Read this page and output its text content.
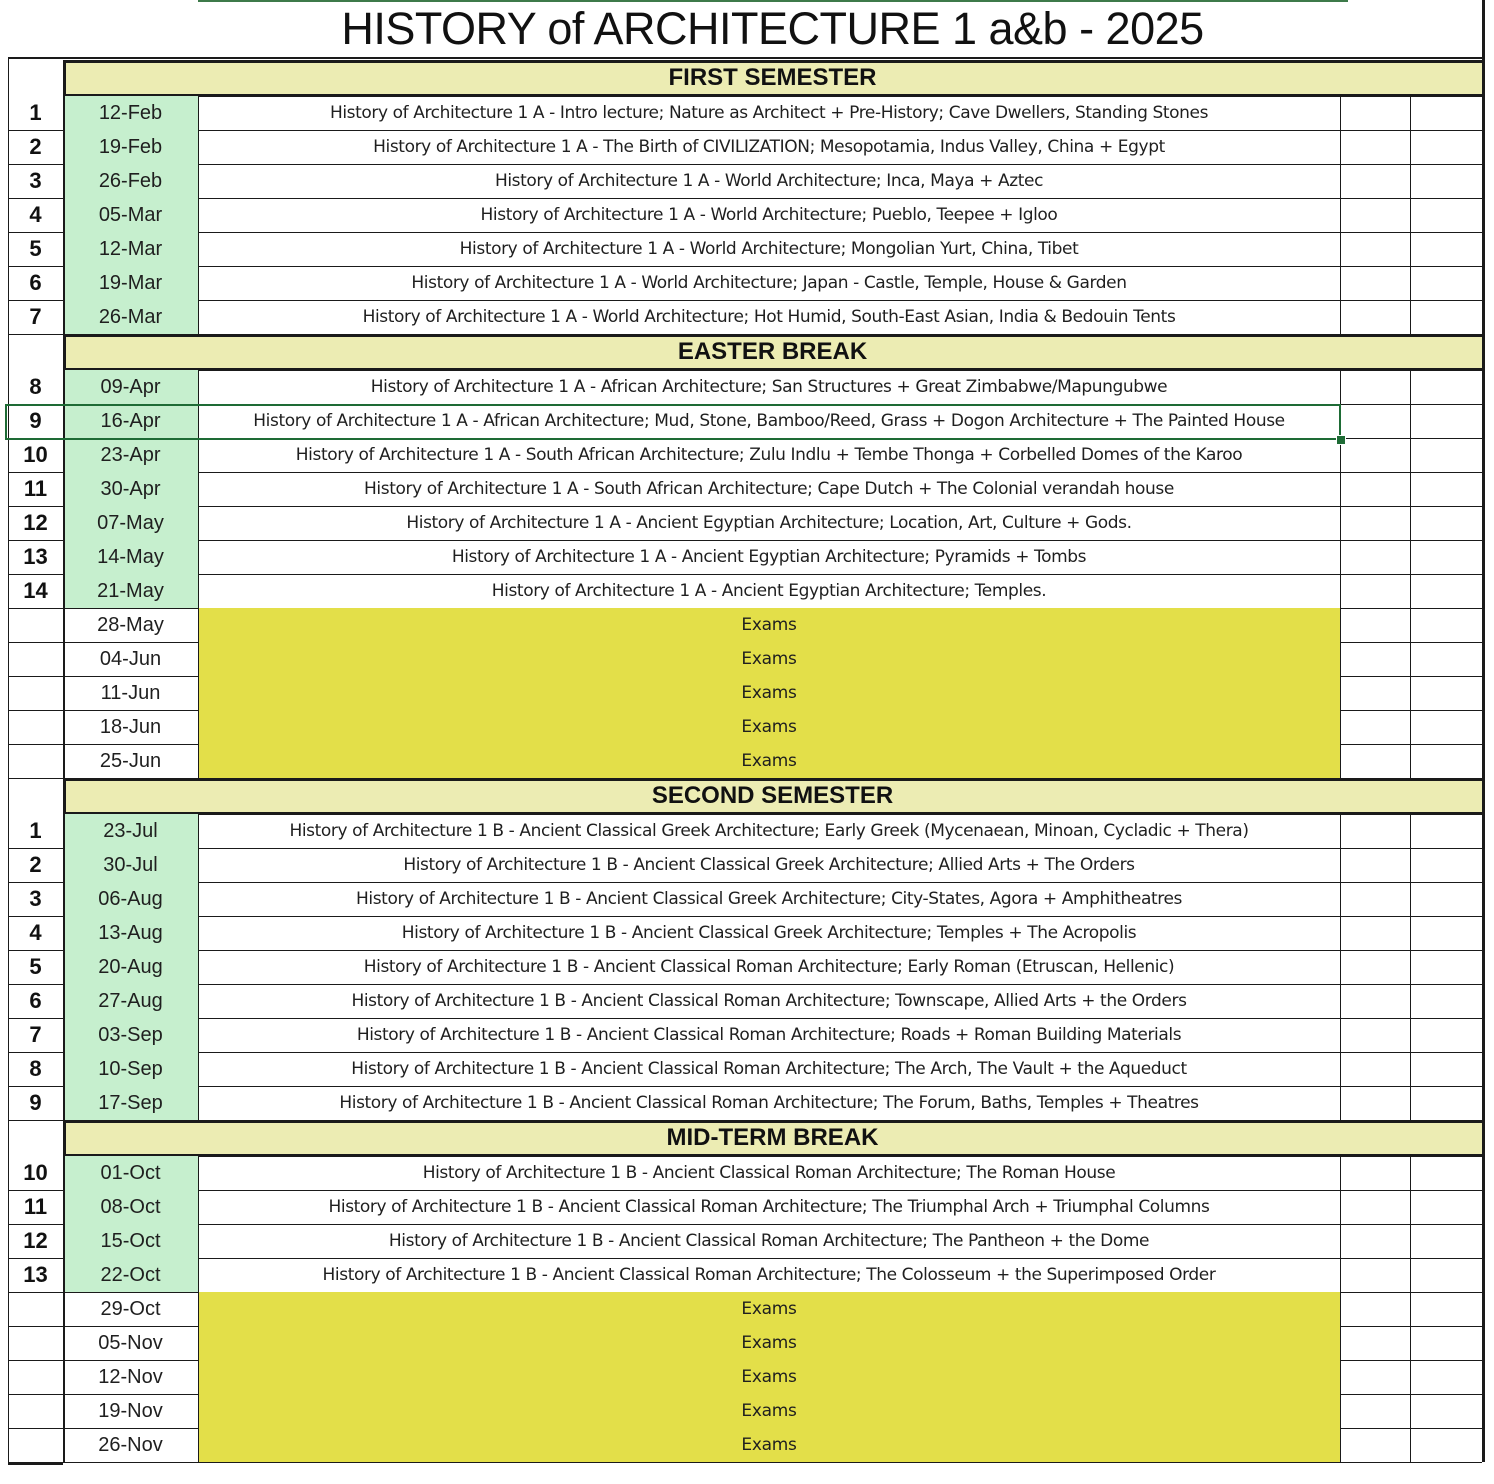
HISTORY of ARCHITECTURE 1 a&b - 2025
FIRST SEMESTER
1	12-Feb	History of Architecture 1 A - Intro lecture; Nature as Architect + Pre-History; Cave Dwellers, Standing Stones
2	19-Feb	History of Architecture 1 A - The Birth of CIVILIZATION; Mesopotamia, Indus Valley, China + Egypt
3	26-Feb	History of Architecture 1 A - World Architecture; Inca, Maya + Aztec
4	05-Mar	History of Architecture 1 A - World Architecture; Pueblo, Teepee + Igloo
5	12-Mar	History of Architecture 1 A - World Architecture; Mongolian Yurt, China, Tibet
6	19-Mar	History of Architecture 1 A - World Architecture; Japan - Castle, Temple, House & Garden
7	26-Mar	History of Architecture 1 A - World Architecture; Hot Humid, South-East Asian, India & Bedouin Tents
EASTER BREAK
8	09-Apr	History of Architecture 1 A - African Architecture; San Structures + Great Zimbabwe/Mapungubwe
9	16-Apr	History of Architecture 1 A - African Architecture; Mud, Stone, Bamboo/Reed, Grass + Dogon Architecture + The Painted House
10	23-Apr	History of Architecture 1 A - South African Architecture; Zulu Indlu + Tembe Thonga + Corbelled Domes of the Karoo
11	30-Apr	History of Architecture 1 A - South African Architecture; Cape Dutch + The Colonial verandah house
12	07-May	History of Architecture 1 A - Ancient Egyptian Architecture; Location, Art, Culture + Gods.
13	14-May	History of Architecture 1 A - Ancient Egyptian Architecture; Pyramids + Tombs
14	21-May	History of Architecture 1 A - Ancient Egyptian Architecture; Temples.
28-May	Exams
04-Jun	Exams
11-Jun	Exams
18-Jun	Exams
25-Jun	Exams
SECOND SEMESTER
1	23-Jul	History of Architecture 1 B - Ancient Classical Greek Architecture; Early Greek (Mycenaean, Minoan, Cycladic + Thera)
2	30-Jul	History of Architecture 1 B - Ancient Classical Greek Architecture; Allied Arts + The Orders
3	06-Aug	History of Architecture 1 B - Ancient Classical Greek Architecture; City-States, Agora + Amphitheatres
4	13-Aug	History of Architecture 1 B - Ancient Classical Greek Architecture; Temples + The Acropolis
5	20-Aug	History of Architecture 1 B - Ancient Classical Roman Architecture; Early Roman (Etruscan, Hellenic)
6	27-Aug	History of Architecture 1 B - Ancient Classical Roman Architecture; Townscape, Allied Arts + the Orders
7	03-Sep	History of Architecture 1 B - Ancient Classical Roman Architecture; Roads + Roman Building Materials
8	10-Sep	History of Architecture 1 B - Ancient Classical Roman Architecture; The Arch, The Vault + the Aqueduct
9	17-Sep	History of Architecture 1 B - Ancient Classical Roman Architecture; The Forum, Baths, Temples + Theatres
MID-TERM BREAK
10	01-Oct	History of Architecture 1 B - Ancient Classical Roman Architecture; The Roman House
11	08-Oct	History of Architecture 1 B - Ancient Classical Roman Architecture; The Triumphal Arch + Triumphal Columns
12	15-Oct	History of Architecture 1 B - Ancient Classical Roman Architecture; The Pantheon + the Dome
13	22-Oct	History of Architecture 1 B - Ancient Classical Roman Architecture; The Colosseum + the Superimposed Order
29-Oct	Exams
05-Nov	Exams
12-Nov	Exams
19-Nov	Exams
26-Nov	Exams
